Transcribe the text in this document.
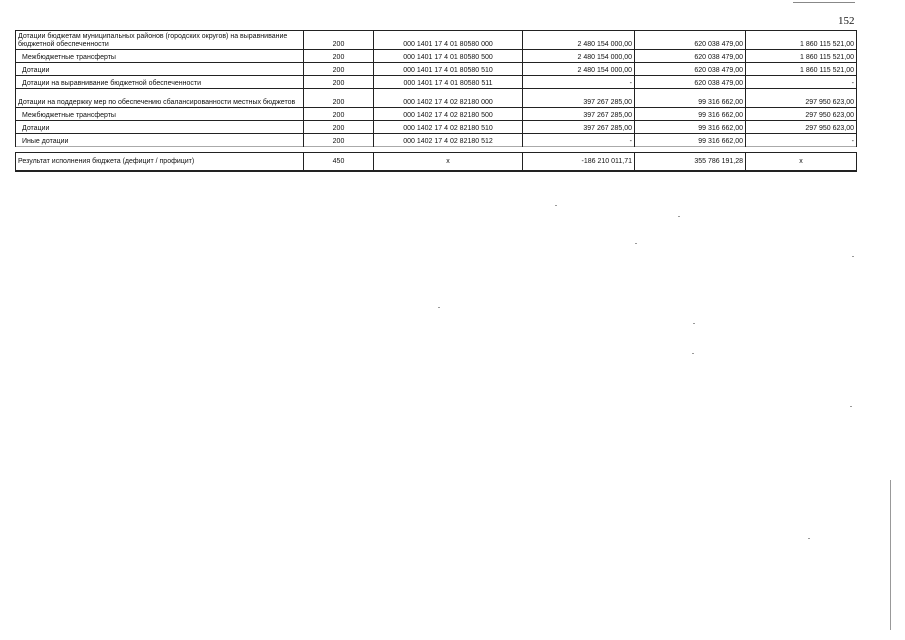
152
Дотации бюджетам муниципальных районов (городских округов) на выравнивание бюджетной обеспеченности	200	000 1401 17 4 01 80580 000	2 480 154 000,00	620 038 479,00	1 860 115 521,00
Межбюджетные трансферты	200	000 1401 17 4 01 80580 500	2 480 154 000,00	620 038 479,00	1 860 115 521,00
Дотации	200	000 1401 17 4 01 80580 510	2 480 154 000,00	620 038 479,00	1 860 115 521,00
Дотации на выравнивание бюджетной обеспеченности	200	000 1401 17 4 01 80580 511	-	620 038 479,00	-
Дотации на поддержку мер по обеспечению сбалансированности местных бюджетов	200	000 1402 17 4 02 82180 000	397 267 285,00	99 316 662,00	297 950 623,00
Межбюджетные трансферты	200	000 1402 17 4 02 82180 500	397 267 285,00	99 316 662,00	297 950 623,00
Дотации	200	000 1402 17 4 02 82180 510	397 267 285,00	99 316 662,00	297 950 623,00
Иные дотации	200	000 1402 17 4 02 82180 512	-	99 316 662,00	-

Результат исполнения бюджета (дефицит / профицит)	450	x	-186 210 011,71	355 786 191,28	x
